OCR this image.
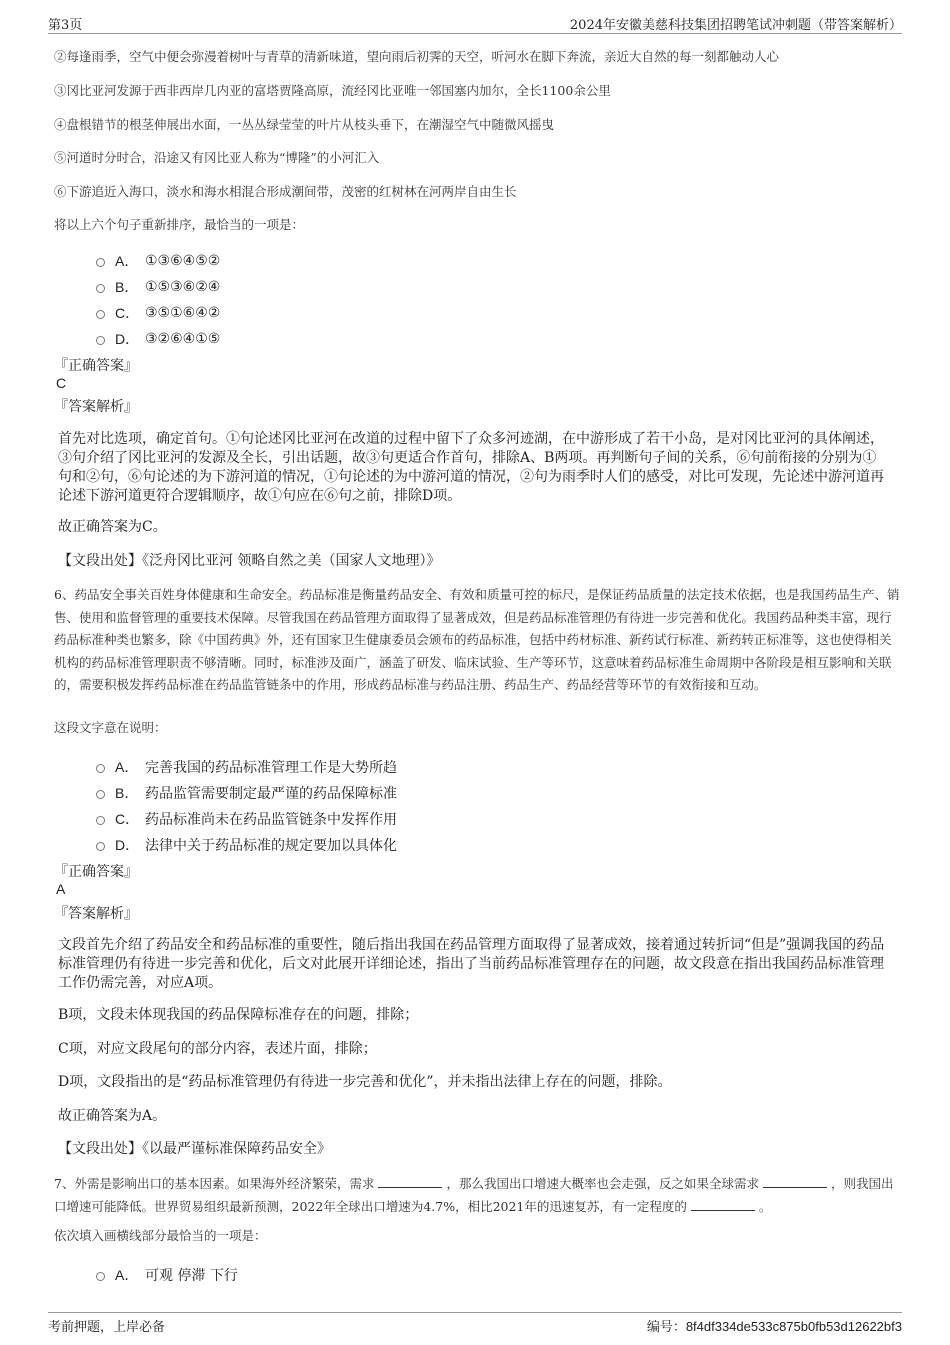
第3页	2024年安徽美慈科技集团招聘笔试冲刺题（带答案解析）
②每逢雨季，空气中便会弥漫着树叶与青草的清新味道，望向雨后初霁的天空，听河水在脚下奔流，亲近大自然的每一刻都触动人心
③冈比亚河发源于西非西岸几内亚的富塔贾隆高原，流经冈比亚唯一邻国塞内加尔，全长1100余公里
④盘根错节的根茎伸展出水面，一丛丛绿莹莹的叶片从枝头垂下，在潮湿空气中随微风摇曳
⑤河道时分时合，沿途又有冈比亚人称为“博隆”的小河汇入
⑥下游追近入海口，淡水和海水相混合形成潮间带，茂密的红树林在河两岸自由生长
将以上六个句子重新排序，最恰当的一项是：
A． ①③⑥④⑤②
B． ①⑤③⑥②④
C． ③⑤①⑥④②
D． ③②⑥④①⑤
『正确答案』
C
『答案解析』
首先对比选项，确定首句。①句论述冈比亚河在改道的过程中留下了众多河迹湖，在中游形成了若干小岛，是对冈比亚河的具体阐述，③句介绍了冈比亚河的发源及全长，引出话题，故③句更适合作首句，排除A、B两项。再判断句子间的关系，⑥句前衔接的分别为①句和②句，⑥句论述的为下游河道的情况，①句论述的为中游河道的情况，②句为雨季时人们的感受，对比可发现，先论述中游河道再论述下游河道更符合逻辑顺序，故①句应在⑥句之前，排除D项。
故正确答案为C。
【文段出处】《泛舟冈比亚河 领略自然之美（国家人文地理）》
6、药品安全事关百姓身体健康和生命安全。药品标准是衡量药品安全、有效和质量可控的标尺，是保证药品质量的法定技术依据，也是我国药品生产、销售、使用和监督管理的重要技术保障。尽管我国在药品管理方面取得了显著成效，但是药品标准管理仍有待进一步完善和优化。我国药品种类丰富，现行药品标准种类也繁多，除《中国药典》外，还有国家卫生健康委员会颁布的药品标准，包括中药材标准、新药试行标准、新药转正标准等，这也使得相关机构的药品标准管理职责不够清晰。同时，标准涉及面广，涵盖了研发、临床试验、生产等环节，这意味着药品标准生命周期中各阶段是相互影响和关联的，需要积极发挥药品标准在药品监管链条中的作用，形成药品标准与药品注册、药品生产、药品经营等环节的有效衔接和互动。
这段文字意在说明：
A． 完善我国的药品标准管理工作是大势所趋
B． 药品监管需要制定最严谨的药品保障标准
C． 药品标准尚未在药品监管链条中发挥作用
D． 法律中关于药品标准的规定要加以具体化
『正确答案』
A
『答案解析』
文段首先介绍了药品安全和药品标准的重要性，随后指出我国在药品管理方面取得了显著成效，接着通过转折词“但是”强调我国的药品标准管理仍有待进一步完善和优化，后文对此展开详细论述，指出了当前药品标准管理存在的问题，故文段意在指出我国药品标准管理工作仍需完善，对应A项。
B项，文段未体现我国的药品保障标准存在的问题，排除；
C项，对应文段尾句的部分内容，表述片面，排除；
D项，文段指出的是“药品标准管理仍有待进一步完善和优化”，并未指出法律上存在的问题，排除。
故正确答案为A。
【文段出处】《以最严谨标准保障药品安全》
7、外需是影响出口的基本因素。如果海外经济繁荣，需求	，那么我国出口增速大概率也会走强，反之如果全球需求	，则我国出口增速可能降低。世界贸易组织最新预测，2022年全球出口增速为4.7%，相比2021年的迅速复苏，有一定程度的	。
依次填入画横线部分最恰当的一项是：
A． 可观 停滞 下行
考前押题，上岸必备	编号：8f4df334de533c875b0fb53d12622bf3
